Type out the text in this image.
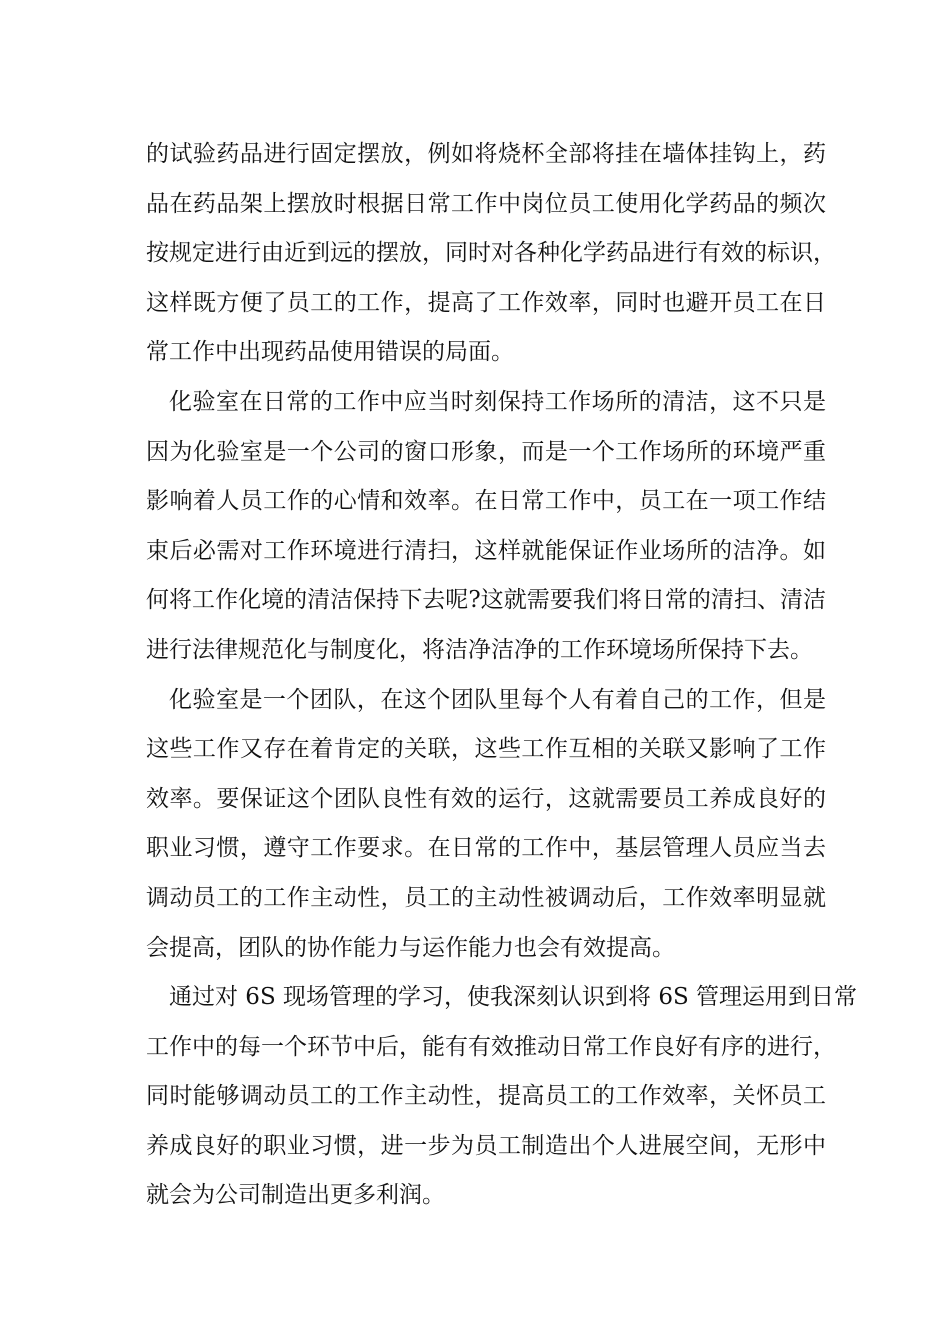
的试验药品进行固定摆放，例如将烧杯全部将挂在墙体挂钩上，药
品在药品架上摆放时根据日常工作中岗位员工使用化学药品的频次
按规定进行由近到远的摆放，同时对各种化学药品进行有效的标识，
这样既方便了员工的工作，提高了工作效率，同时也避开员工在日
常工作中出现药品使用错误的局面。
化验室在日常的工作中应当时刻保持工作场所的清洁，这不只是
因为化验室是一个公司的窗口形象，而是一个工作场所的环境严重
影响着人员工作的心情和效率。在日常工作中，员工在一项工作结
束后必需对工作环境进行清扫，这样就能保证作业场所的洁净。如
何将工作化境的清洁保持下去呢?这就需要我们将日常的清扫、清洁
进行法律规范化与制度化，将洁净洁净的工作环境场所保持下去。
化验室是一个团队，在这个团队里每个人有着自己的工作，但是
这些工作又存在着肯定的关联，这些工作互相的关联又影响了工作
效率。要保证这个团队良性有效的运行，这就需要员工养成良好的
职业习惯，遵守工作要求。在日常的工作中，基层管理人员应当去
调动员工的工作主动性，员工的主动性被调动后，工作效率明显就
会提高，团队的协作能力与运作能力也会有效提高。
通过对 6S 现场管理的学习，使我深刻认识到将 6S 管理运用到日常
工作中的每一个环节中后，能有有效推动日常工作良好有序的进行，
同时能够调动员工的工作主动性，提高员工的工作效率，关怀员工
养成良好的职业习惯，进一步为员工制造出个人进展空间，无形中
就会为公司制造出更多利润。
